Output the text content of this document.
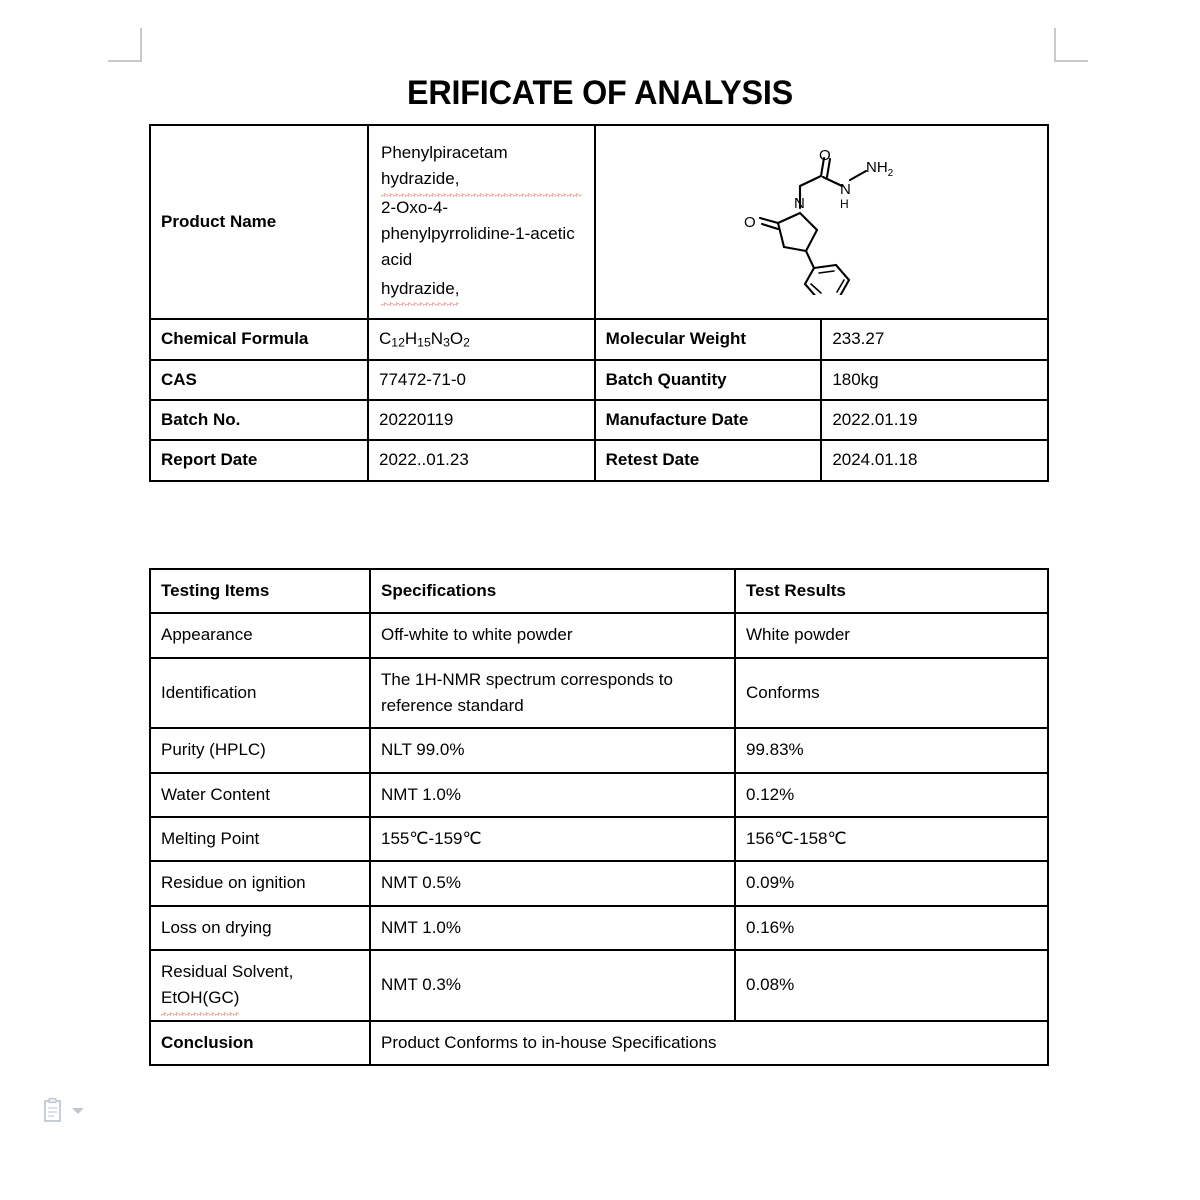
ERIFICATE OF ANALYSIS
Product Name	Phenylpiracetam hydrazide,
2-Oxo-4-phenylpyrrolidine-1-acetic acid
hydrazide,	
O
O
N
N
H
$NH_2$

Chemical Formula	$C_{12}H_{15}N_3O_2$	Molecular Weight	233.27
CAS	77472-71-0	Batch Quantity	180kg
Batch No.	20220119	Manufacture Date	2022.01.19
Report Date	2022..01.23	Retest Date	2024.01.18
Testing Items	Specifications	Test Results
Appearance	Off-white to white powder	White powder
Identification	The 1H-NMR spectrum corresponds to reference standard	Conforms
Purity (HPLC)	NLT 99.0%	99.83%
Water Content	NMT 1.0%	0.12%
Melting Point	155℃-159℃	156℃-158℃
Residue on ignition	NMT 0.5%	0.09%
Loss on drying	NMT 1.0%	0.16%
Residual Solvent,
EtOH(GC)	NMT 0.3%	0.08%
Conclusion	Product Conforms to in-house Specifications	
